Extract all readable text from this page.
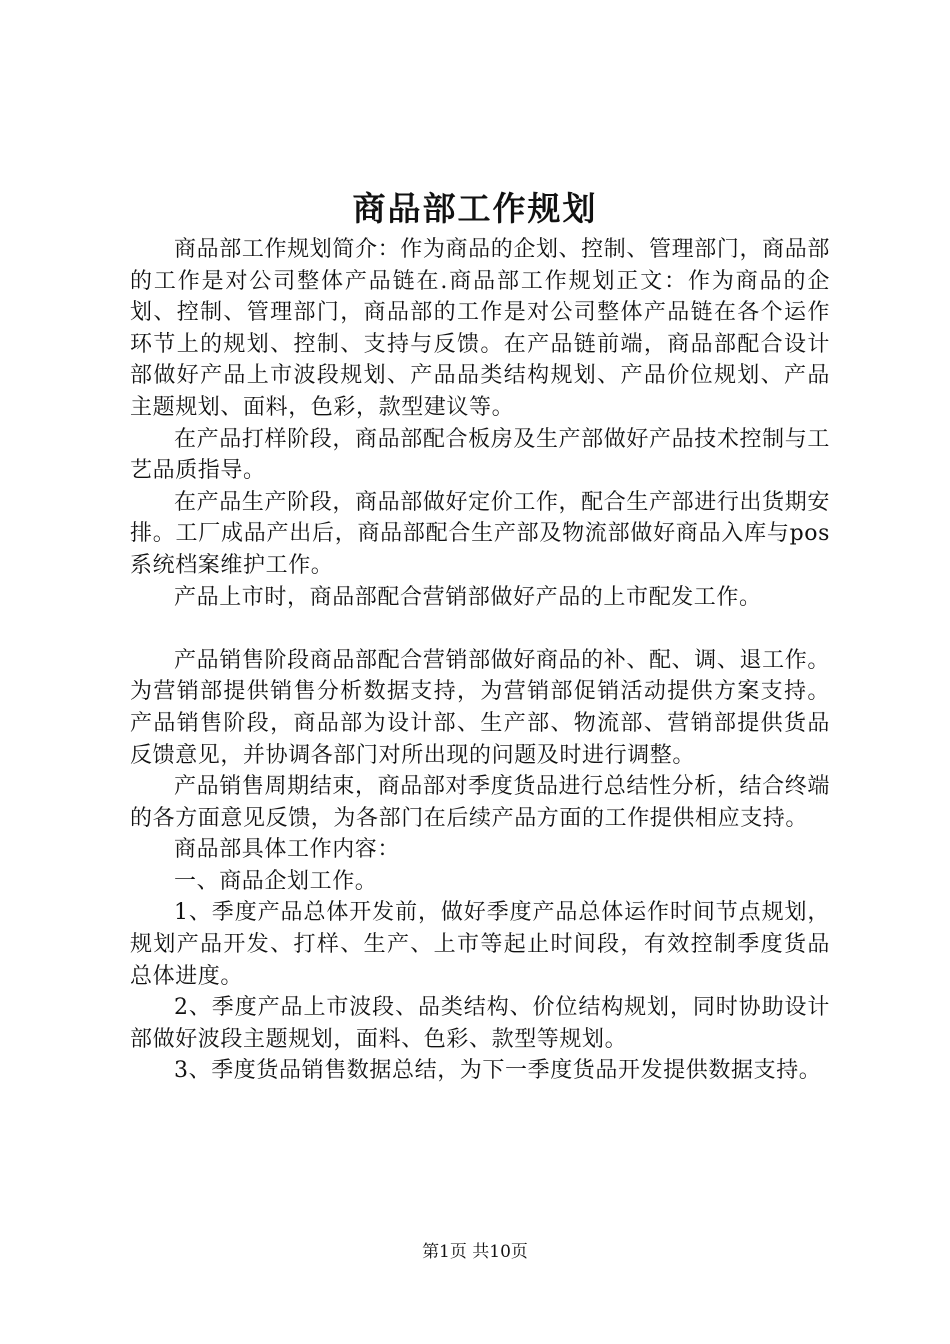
商品部工作规划

商品部工作规划简介：作为商品的企划、控制、管理部门，商品部的工作是对公司整体产品链在.商品部工作规划正文：作为商品的企划、控制、管理部门，商品部的工作是对公司整体产品链在各个运作环节上的规划、控制、支持与反馈。在产品链前端，商品部配合设计部做好产品上市波段规划、产品品类结构规划、产品价位规划、产品主题规划、面料，色彩，款型建议等。

在产品打样阶段，商品部配合板房及生产部做好产品技术控制与工艺品质指导。

在产品生产阶段，商品部做好定价工作，配合生产部进行出货期安排。工厂成品产出后，商品部配合生产部及物流部做好商品入库与pos系统档案维护工作。

产品上市时，商品部配合营销部做好产品的上市配发工作。

产品销售阶段商品部配合营销部做好商品的补、配、调、退工作。为营销部提供销售分析数据支持，为营销部促销活动提供方案支持。产品销售阶段，商品部为设计部、生产部、物流部、营销部提供货品反馈意见，并协调各部门对所出现的问题及时进行调整。

产品销售周期结束，商品部对季度货品进行总结性分析，结合终端的各方面意见反馈，为各部门在后续产品方面的工作提供相应支持。

商品部具体工作内容：

一、商品企划工作。

1、季度产品总体开发前，做好季度产品总体运作时间节点规划，规划产品开发、打样、生产、上市等起止时间段，有效控制季度货品总体进度。

2、季度产品上市波段、品类结构、价位结构规划，同时协助设计部做好波段主题规划，面料、色彩、款型等规划。

3、季度货品销售数据总结，为下一季度货品开发提供数据支持。

第1页 共10页
